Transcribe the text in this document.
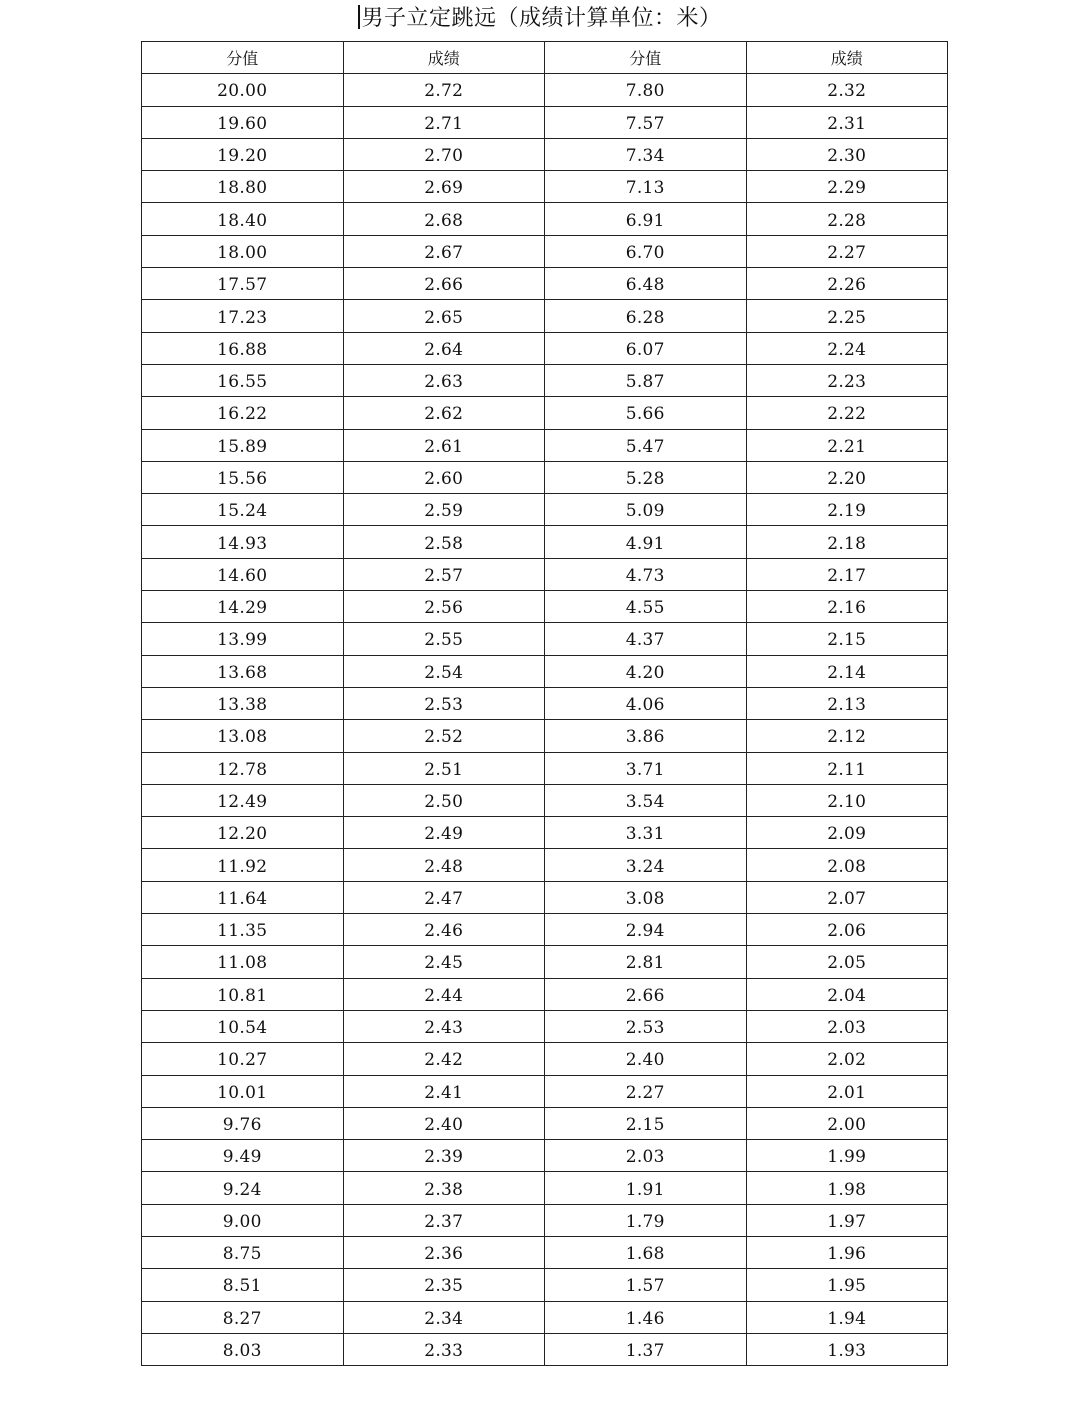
男子立定跳远（成绩计算单位：米）
分值	成绩	分值	成绩
20.00	2.72	7.80	2.32
19.60	2.71	7.57	2.31
19.20	2.70	7.34	2.30
18.80	2.69	7.13	2.29
18.40	2.68	6.91	2.28
18.00	2.67	6.70	2.27
17.57	2.66	6.48	2.26
17.23	2.65	6.28	2.25
16.88	2.64	6.07	2.24
16.55	2.63	5.87	2.23
16.22	2.62	5.66	2.22
15.89	2.61	5.47	2.21
15.56	2.60	5.28	2.20
15.24	2.59	5.09	2.19
14.93	2.58	4.91	2.18
14.60	2.57	4.73	2.17
14.29	2.56	4.55	2.16
13.99	2.55	4.37	2.15
13.68	2.54	4.20	2.14
13.38	2.53	4.06	2.13
13.08	2.52	3.86	2.12
12.78	2.51	3.71	2.11
12.49	2.50	3.54	2.10
12.20	2.49	3.31	2.09
11.92	2.48	3.24	2.08
11.64	2.47	3.08	2.07
11.35	2.46	2.94	2.06
11.08	2.45	2.81	2.05
10.81	2.44	2.66	2.04
10.54	2.43	2.53	2.03
10.27	2.42	2.40	2.02
10.01	2.41	2.27	2.01
9.76	2.40	2.15	2.00
9.49	2.39	2.03	1.99
9.24	2.38	1.91	1.98
9.00	2.37	1.79	1.97
8.75	2.36	1.68	1.96
8.51	2.35	1.57	1.95
8.27	2.34	1.46	1.94
8.03	2.33	1.37	1.93
